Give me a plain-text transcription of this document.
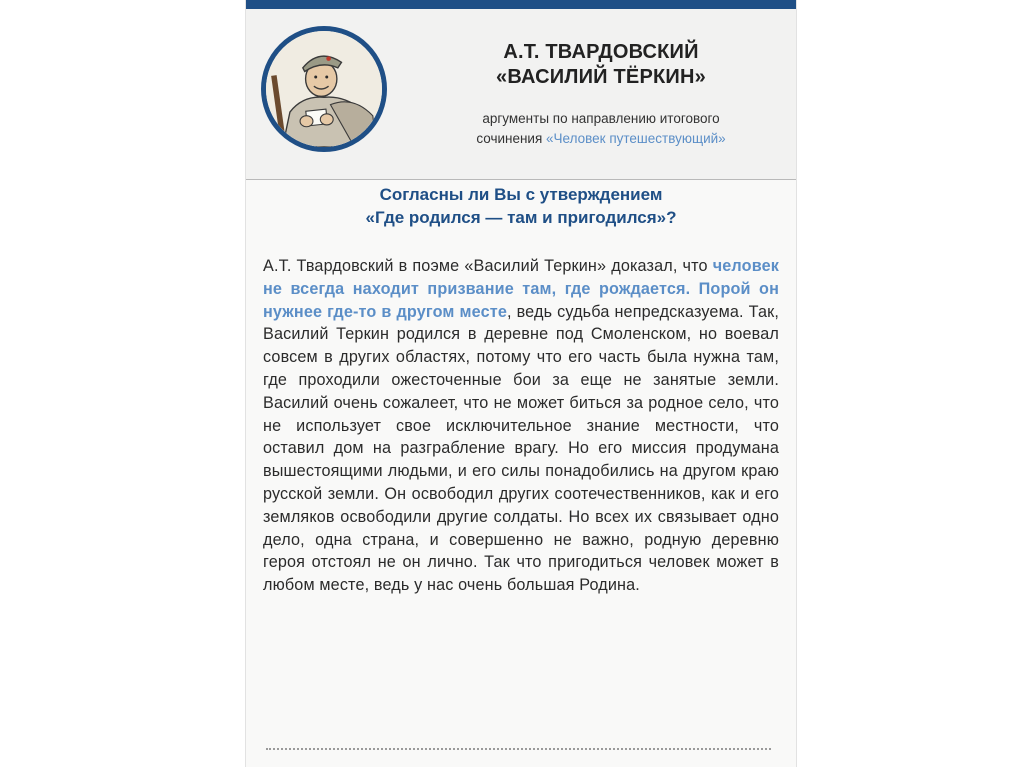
А.Т. ТВАРДОВСКИЙ
«ВАСИЛИЙ ТЁРКИН»
аргументы по направлению итогового
сочинения «Человек путешествующий»
Согласны ли Вы с утверждением
«Где родился — там и пригодился»?

А.Т. Твардовский в поэме «Василий Теркин» доказал, что человек не всегда находит призвание там, где рождается. Порой он нужнее где-то в другом месте, ведь судьба непредсказуема. Так, Василий Теркин родился в деревне под Смоленском, но воевал совсем в других областях, потому что его часть была нужна там, где проходили ожесточенные бои за еще не занятые земли. Василий очень сожалеет, что не может биться за родное село, что не использует свое исключительное знание местности, что оставил дом на разграбление врагу. Но его миссия продумана вышестоящими людьми, и его силы понадобились на другом краю русской земли. Он освободил других соотечественников, как и его земляков освободили другие солдаты. Но всех их связывает одно дело, одна страна, и совершенно не важно, родную деревню героя отстоял не он лично. Так что пригодиться человек может в любом месте, ведь у нас очень большая Родина.
